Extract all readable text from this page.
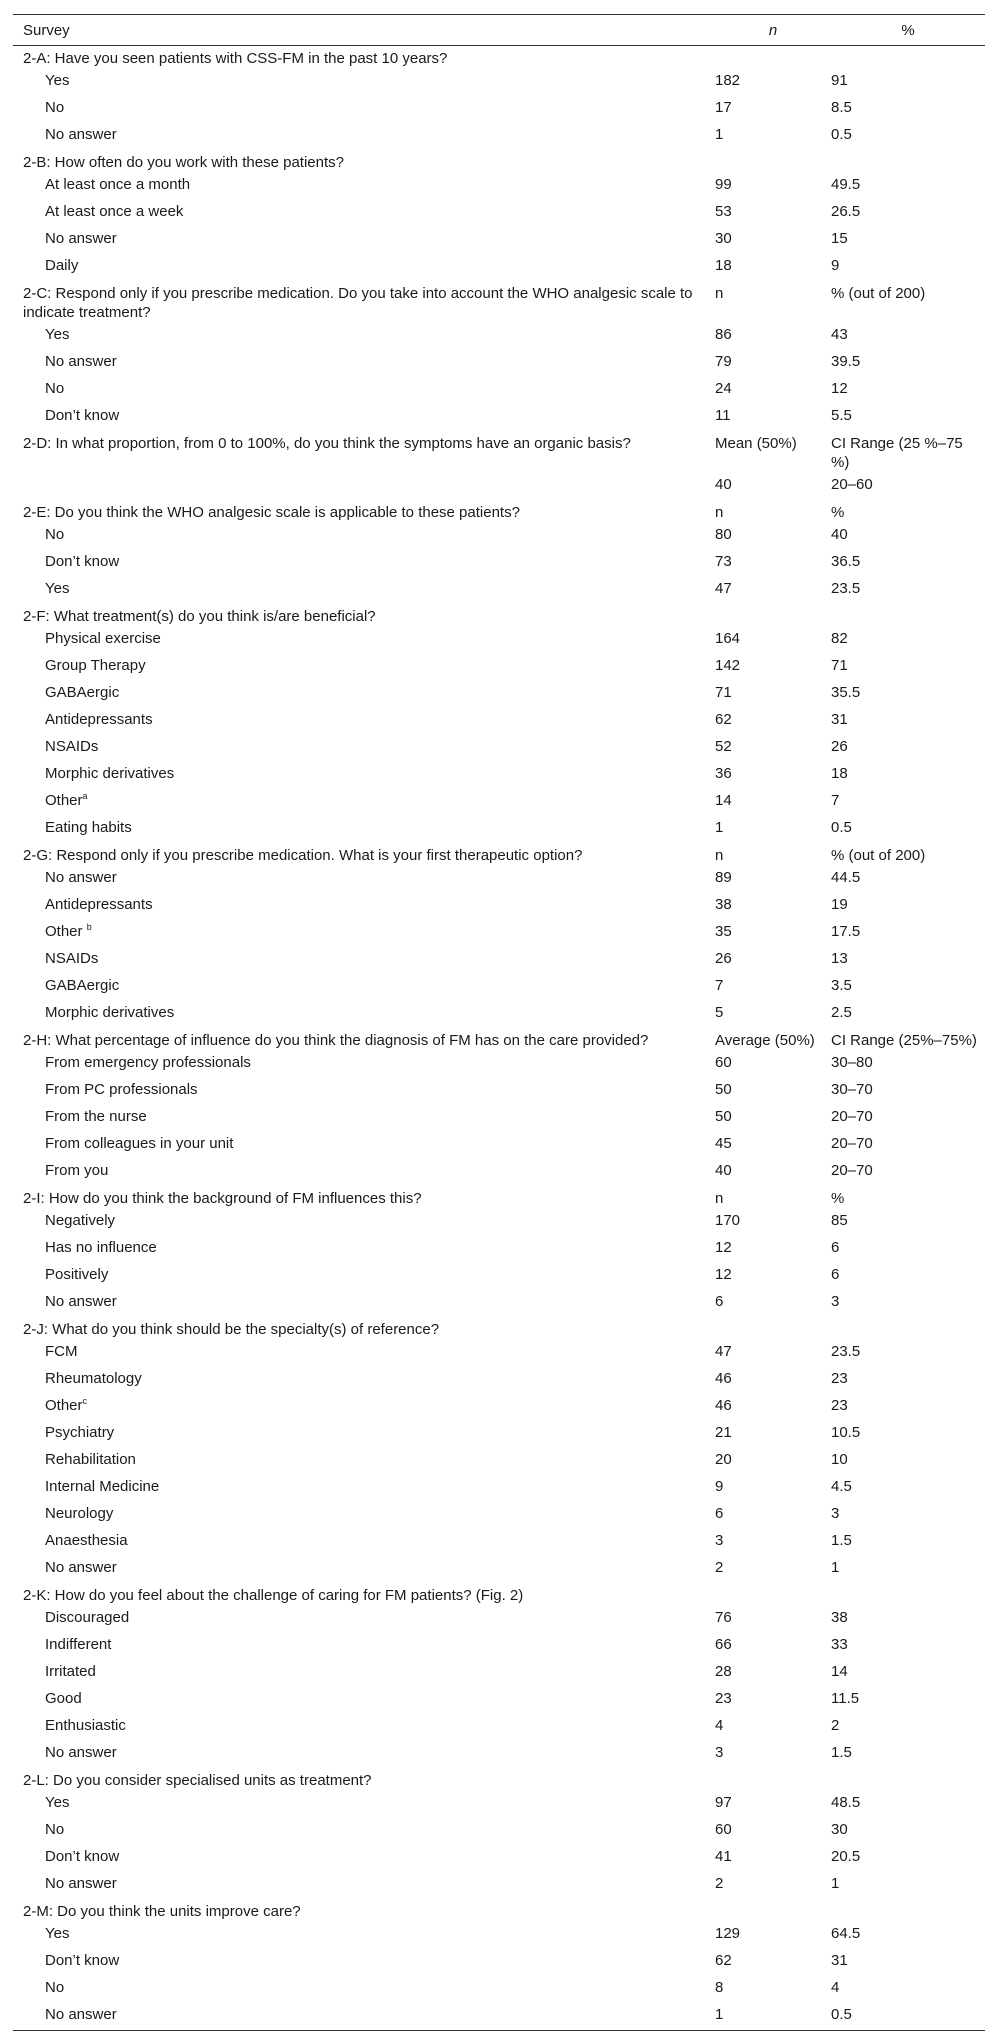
Survey	n	%
2-A: Have you seen patients with CSS-FM in the past 10 years?		
Yes	182	91
No	17	8.5
No answer	1	0.5
2-B: How often do you work with these patients?		
At least once a month	99	49.5
At least once a week	53	26.5
No answer	30	15
Daily	18	9
2-C: Respond only if you prescribe medication. Do you take into account the WHO analgesic scale to indicate treatment?	n	% (out of 200)
Yes	86	43
No answer	79	39.5
No	24	12
Don’t know	11	5.5
2-D: In what proportion, from 0 to 100%, do you think the symptoms have an organic basis?	Mean (50%)	CI Range (25 %–75 %)
	40	20–60
2-E: Do you think the WHO analgesic scale is applicable to these patients?	n	%
No	80	40
Don’t know	73	36.5
Yes	47	23.5
2-F: What treatment(s) do you think is/are beneficial?		
Physical exercise	164	82
Group Therapy	142	71
GABAergic	71	35.5
Antidepressants	62	31
NSAIDs	52	26
Morphic derivatives	36	18
Other$^a$	14	7
Eating habits	1	0.5
2-G: Respond only if you prescribe medication. What is your first therapeutic option?	n	% (out of 200)
No answer	89	44.5
Antidepressants	38	19
Other $^b$	35	17.5
NSAIDs	26	13
GABAergic	7	3.5
Morphic derivatives	5	2.5
2-H: What percentage of influence do you think the diagnosis of FM has on the care provided?	Average (50%)	CI Range (25%–75%)
From emergency professionals	60	30–80
From PC professionals	50	30–70
From the nurse	50	20–70
From colleagues in your unit	45	20–70
From you	40	20–70
2-I: How do you think the background of FM influences this?	n	%
Negatively	170	85
Has no influence	12	6
Positively	12	6
No answer	6	3
2-J: What do you think should be the specialty(s) of reference?		
FCM	47	23.5
Rheumatology	46	23
Other$^c$	46	23
Psychiatry	21	10.5
Rehabilitation	20	10
Internal Medicine	9	4.5
Neurology	6	3
Anaesthesia	3	1.5
No answer	2	1
2-K: How do you feel about the challenge of caring for FM patients? (Fig. 2)		
Discouraged	76	38
Indifferent	66	33
Irritated	28	14
Good	23	11.5
Enthusiastic	4	2
No answer	3	1.5
2-L: Do you consider specialised units as treatment?		
Yes	97	48.5
No	60	30
Don’t know	41	20.5
No answer	2	1
2-M: Do you think the units improve care?		
Yes	129	64.5
Don’t know	62	31
No	8	4
No answer	1	0.5
